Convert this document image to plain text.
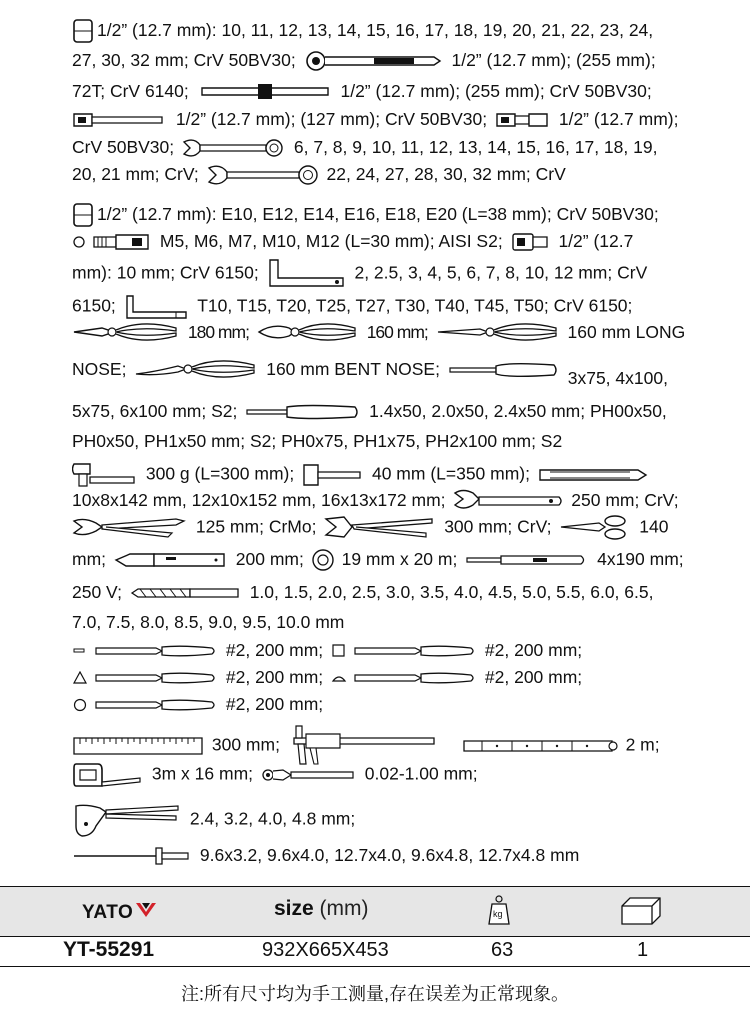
1/2” (12.7 mm): 10, 11, 12, 13, 14, 15, 16, 17, 18, 19, 20, 21, 22, 23, 24,
27, 30, 32 mm; CrV 50BV30;	1/2” (12.7 mm); (255 mm);
72T; CrV 6140;	1/2” (12.7 mm); (255 mm); CrV 50BV30;
1/2” (12.7 mm); (127 mm); CrV 50BV30;	1/2” (12.7 mm);
CrV 50BV30;	6, 7, 8, 9, 10, 11, 12, 13, 14, 15, 16, 17, 18, 19,
20, 21 mm; CrV;	22, 24, 27, 28, 30, 32 mm; CrV
1/2” (12.7 mm): E10, E12, E14, E16, E18, E20 (L=38 mm); CrV 50BV30;
M5, M6, M7, M10, M12 (L=30 mm); AISI S2;	1/2” (12.7
mm): 10 mm; CrV 6150;	2, 2.5, 3, 4, 5, 6, 7, 8, 10, 12 mm; CrV
6150;	T10, T15, T20, T25, T27, T30, T40, T45, T50; CrV 6150;
180 mm;	160 mm;	160 mm LONG
NOSE;	160 mm BENT NOSE;	3x75, 4x100,
5x75, 6x100 mm; S2;	1.4x50, 2.0x50, 2.4x50 mm; PH00x50,
PH0x50, PH1x50 mm; S2; PH0x75, PH1x75, PH2x100 mm; S2
300 g (L=300 mm);	40 mm (L=350 mm);
10x8x142 mm, 12x10x152 mm, 16x13x172 mm;	250 mm; CrV;
125 mm; CrMo;	300 mm; CrV;	140
mm;	200 mm; 19 mm x 20 m;	4x190 mm;
250 V;	1.0, 1.5, 2.0, 2.5, 3.0, 3.5, 4.0, 4.5, 5.0, 5.5, 6.0, 6.5,
7.0, 7.5, 8.0, 8.5, 9.0, 9.5, 10.0 mm
#2, 200 mm;	#2, 200 mm;
#2, 200 mm;	#2, 200 mm;
#2, 200 mm;
300 mm;
	2 m;
3m x 16 mm;	0.02-1.00 mm;
2.4, 3.2, 4.0, 4.8 mm;
9.6x3.2, 9.6x4.0, 12.7x4.0, 9.6x4.8, 12.7x4.8 mm
YATO	size (mm)	kg
YT-55291	932X665X453	63	1
注:所有尺寸均为手工测量,存在误差为正常现象。
